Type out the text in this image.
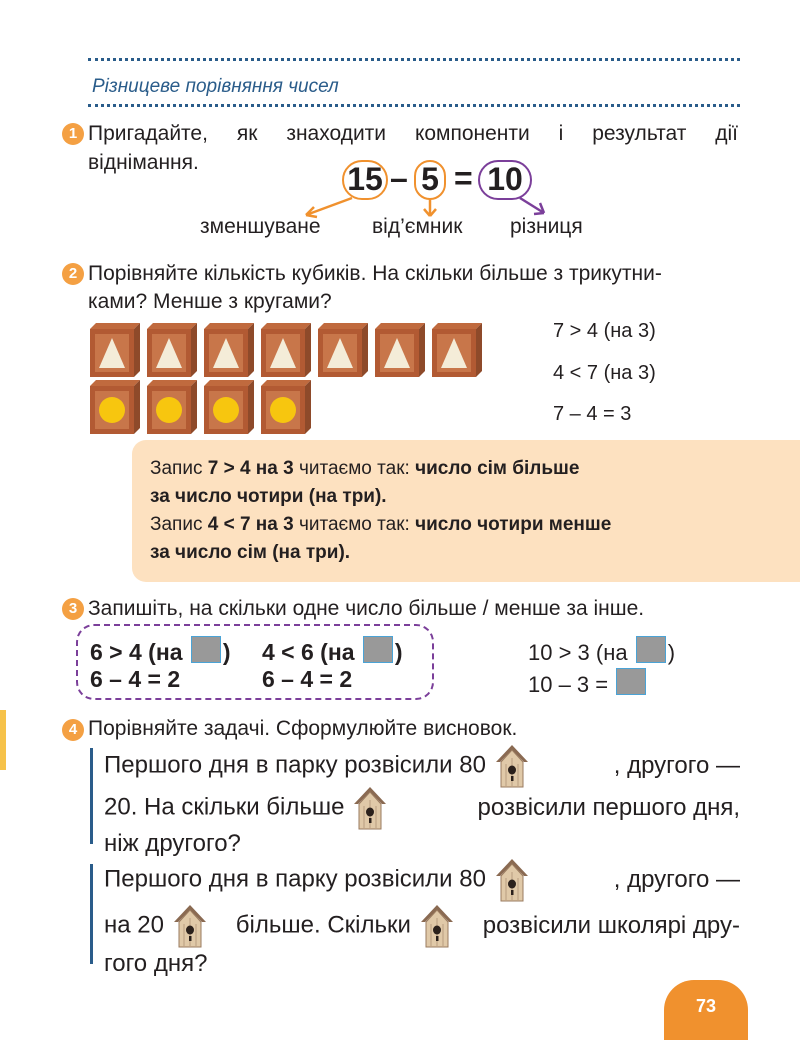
Різницеве порівняння чисел
1 Пригадайте, як знаходити компоненти і результат дії
віднімання.	15 – 5 = 10
зменшуване від’ємник різниця
2 Порівняйте кількість кубиків. На скільки більше з трикутни-
ками? Менше з кругами?
7 > 4 (на 3)
4 < 7 (на 3)
7 – 4 = 3

Запис 7 > 4 на 3 читаємо так: число сім більше

за число чотири (на три).

Запис 4 < 7 на 3 читаємо так: число чотири менше

за число сім (на три).

3 Запишіть, на скільки одне число більше / менше за інше.
6 > 4 (на ) 4 < 6 (на )
6 – 4 = 2	6 – 4 = 2
10 > 3 (на )
10 – 3 =
4 Порівняйте задачі. Сформулюйте висновок.
Першого дня в парку розвісили 80	, другого —
20. На скільки більше	розвісили першого дня,
ніж другого?
Першого дня в парку розвісили 80	, другого —
на 20	більше. Скільки	розвісили школярі дру-
гого дня?
73
